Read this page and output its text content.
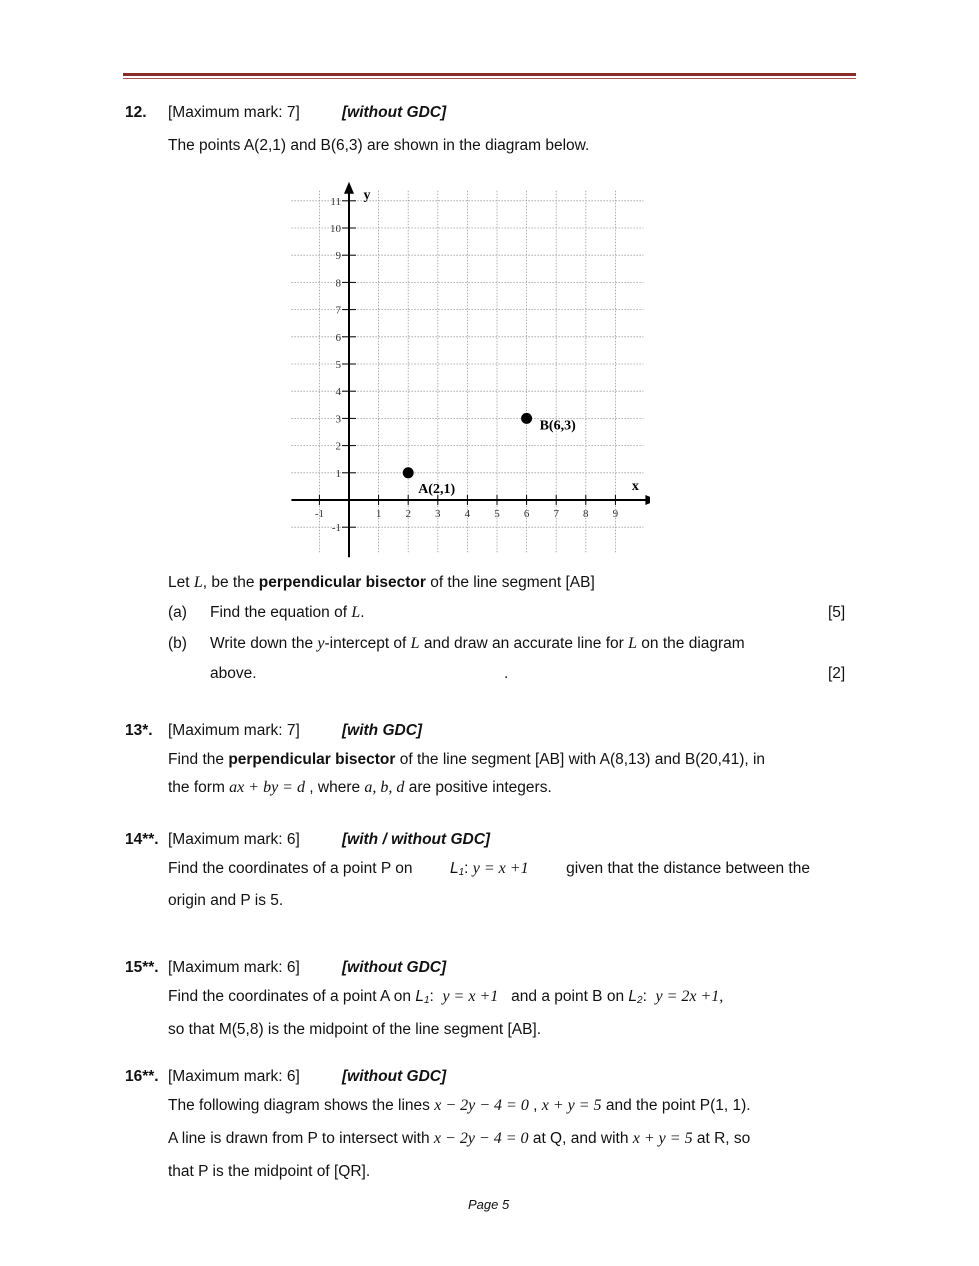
12. [Maximum mark: 7]	[without GDC]
The points A(2,1) and B(6,3) are shown in the diagram below.
-1	1 2 3 4 5 6 7 8 9
11
10
9
8
7
6
5
4
3
2
1
-1
x
y
A(2,1)
B(6,3)
Let L, be the perpendicular bisector of the line segment [AB]
(a) Find the equation of L.	[5]
(b) Write down the y-intercept of L and draw an accurate line for L on the diagram
above.	.	[2]
13*. [Maximum mark: 7]	[with GDC]
Find the perpendicular bisector of the line segment [AB] with A(8,13) and B(20,41), in
the form ax + by = d , where a, b, d are positive integers.
14**. [Maximum mark: 6]	[with / without GDC]
Find the coordinates of a point P on $L_1$: y = x +1 given that the distance between the
origin and P is 5.
15**. [Maximum mark: 6]	[without GDC]
Find the coordinates of a point A on $L_1$:  y = x +1   and a point B on $L_2$:  y = 2x +1,
so that M(5,8) is the midpoint of the line segment [AB].
16**. [Maximum mark: 6]	[without GDC]
The following diagram shows the lines x − 2y − 4 = 0 , x + y = 5 and the point P(1, 1).
A line is drawn from P to intersect with x − 2y − 4 = 0 at Q, and with x + y = 5 at R, so
that P is the midpoint of [QR].
Page 5
